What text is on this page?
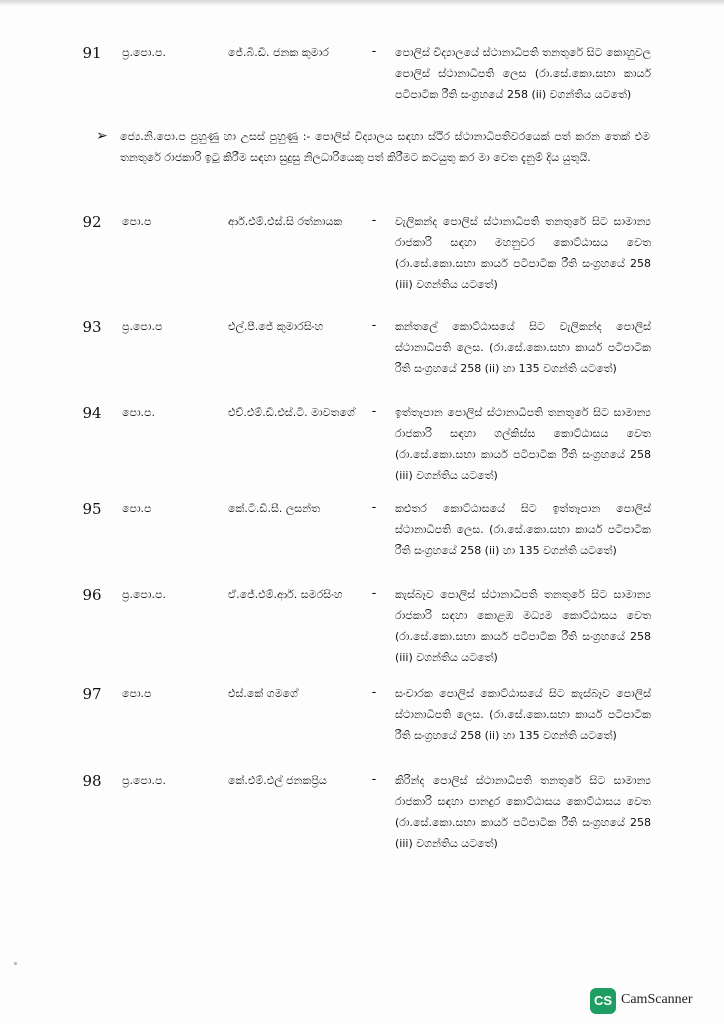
91	ප්‍ර.පො.ප.	ජේ.බී.ඩී. ජනක කුමාර	-	පොලිස් විද්‍යාලයේ ස්ථානාධිපති තනතුරේ සිට කොහුවල පොලිස් ස්ථානාධිපති ලෙස (රා.සේ.කො.සභා කාර්ය පටිපාටික රීති සංග්‍රහයේ 258 (ii) වගන්තිය යටතේ)
➢	ජ්‍යෙ.නි.පො.ප පුහුණු හා උසස් පුහුණු :- පොලිස් විද්‍යාලය සඳහා ස්ථිර ස්ථානාධිපතිවරයෙක් පත් කරන තෙක් එම තනතුරේ රාජකාරි ඉටු කිරීම සඳහා සුදුසු නිලධාරියෙකු පත් කිරීමට කටයුතු කර මා වෙත දැනුම් දිය යුතුයි.
92	පො.ප	ආර්.එම්.එස්.සි රත්නායක	-	වැලිකන්ද පොලිස් ස්ථානාධිපති තනතුරේ සිට සාමාන්‍ය රාජකාරි සඳහා මහනුවර කොට්ඨාසය වෙත (රා.සේ.කො.සභා කාර්ය පටිපාටික රීති සංග්‍රහයේ 258 (iii) වගන්තිය යටතේ)
93	ප්‍ර.පො.ප	එල්.පී.ජේ කුමාරසිංහ	-	කන්තලේ කොට්ඨාසයේ සිට වැලිකන්ද පොලිස් ස්ථානාධිපති ලෙස. (රා.සේ.කො.සභා කාර්ය පටිපාටික රීති සංග්‍රහයේ 258 (ii) හා 135 වගන්ති යටතේ)
94	පො.ප.	එච්.එම්.ඩී.එස්.ටී. මාවතගේ	-	ඉත්තෑපාන පොලිස් ස්ථානාධිපති තනතුරේ සිට සාමාන්‍ය රාජකාරි සඳහා ගල්කිස්ස කොට්ඨාසය වෙත (රා.සේ.කො.සභා කාර්ය පටිපාටික රීති සංග්‍රහයේ 258 (iii) වගන්තිය යටතේ)
95	පො.ප	කේ.ටී.ඩී.සී. ලසන්ත	-	කළුතර කොට්ඨාසයේ සිට ඉත්තෑපාන පොලිස් ස්ථානාධිපති ලෙස. (රා.සේ.කො.සභා කාර්ය පටිපාටික රීති සංග්‍රහයේ 258 (ii) හා 135 වගන්ති යටතේ)
96	ප්‍ර.පො.ප.	ඒ.ජේ.එම්.ආර්. සමරසිංහ	-	කැස්බෑව පොලිස් ස්ථානාධිපති තනතුරේ සිට සාමාන්‍ය රාජකාරි සඳහා කොළඹ මධ්‍යම කොට්ඨාසය වෙත (රා.සේ.කො.සභා කාර්ය පටිපාටික රීති සංග්‍රහයේ 258 (iii) වගන්තිය යටතේ)
97	පො.ප	එස්.කේ ගමගේ	-	සංචාරක පොලිස් කොට්ඨාසයේ සිට කැස්බෑව පොලිස් ස්ථානාධිපති ලෙස. (රා.සේ.කො.සභා කාර්ය පටිපාටික රීති සංග්‍රහයේ 258 (ii) හා 135 වගන්ති යටතේ)
98	ප්‍ර.පො.ප.	කේ.එම්.එල් ජනකප්‍රිය	-	කිරින්ද පොලිස් ස්ථානාධිපති තනතුරේ සිට සාමාන්‍ය රාජකාරි සඳහා පානදුර කොට්ඨාසය කොට්ඨාසය වෙත (රා.සේ.කො.සභා කාර්ය පටිපාටික රීති සංග්‍රහයේ 258 (iii) වගන්තිය යටතේ)
CS CamScanner
